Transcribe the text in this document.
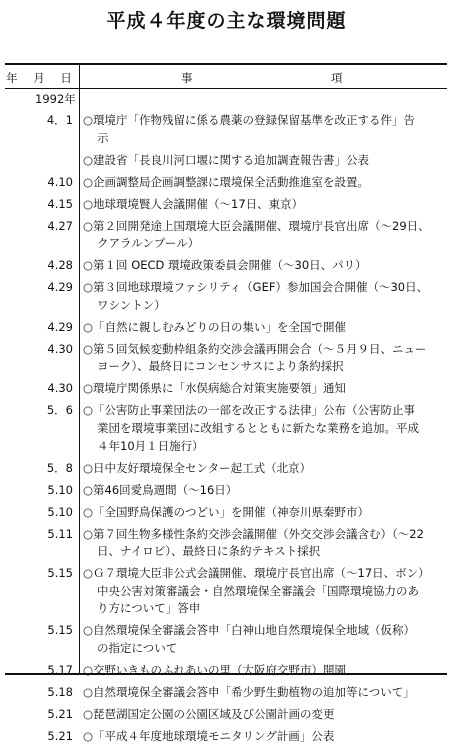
平成４年度の主な環境問題
年 月 日	事	項
1992年
4．1 ○環境庁「作物残留に係る農薬の登録保留基準を改正する件」告
示
○建設省「長良川河口堰に関する追加調査報告書」公表
4.10 ○企画調整局企画調整課に環境保全活動推進室を設置。
4.15 ○地球環境賢人会議開催（～17日、東京）
4.27 ○第２回開発途上国環境大臣会議開催、環境庁長官出席（～29日、
クアラルンプール）
4.28 ○第１回 OECD 環境政策委員会開催（～30日、パリ）
4.29 ○第３回地球環境ファシリティ（GEF）参加国会合開催（～30日、
ワシントン）
4.29 ○「自然に親しむみどりの日の集い」を全国で開催
4.30 ○第５回気候変動枠組条約交渉会議再開会合（～５月９日、ニュー
ヨーク）、最終日にコンセンサスにより条約採択
4.30 ○環境庁関係県に「水俣病総合対策実施要領」通知
5．6 ○「公害防止事業団法の一部を改正する法律」公布（公害防止事
業団を環境事業団に改組するとともに新たな業務を追加。平成
４年10月１日施行）
5．8 ○日中友好環境保全センター起工式（北京）
5.10 ○第46回愛鳥週間（～16日）
5.10 ○「全国野鳥保護のつどい」を開催（神奈川県秦野市）
5.11 ○第７回生物多様性条約交渉会議開催（外交交渉会議含む）（～22
日、ナイロビ）、最終日に条約テキスト採択
5.15 ○Ｇ７環境大臣非公式会議開催、環境庁長官出席（～17日、ボン）
中央公害対策審議会・自然環境保全審議会「国際環境協力のあ
り方について」答申
5.15 ○自然環境保全審議会答申「白神山地自然環境保全地域（仮称）
の指定について
5.17 ○交野いきものふれあいの里（大阪府交野市）開園
5.18 ○自然環境保全審議会答申「希少野生動植物の追加等について」
5.21 ○琵琶湖国定公園の公園区域及び公園計画の変更
5.21 ○「平成４年度地球環境モニタリング計画」公表
